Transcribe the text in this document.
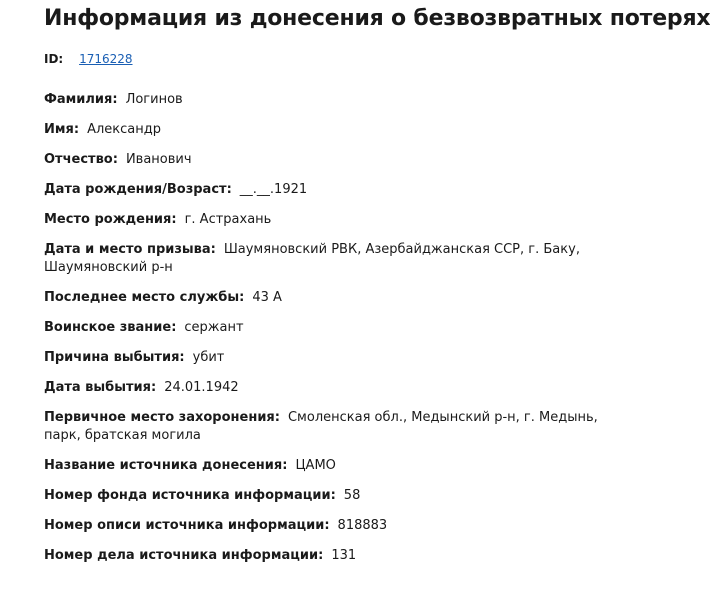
Информация из донесения о безвозвратных потерях
ID: 1716228
Фамилия: Логинов
Имя: Александр
Отчество: Иванович
Дата рождения/Возраст: __.__.1921
Место рождения: г. Астрахань
Дата и место призыва: Шаумяновский РВК, Азербайджанская ССР, г. Баку, Шаумяновский р-н
Последнее место службы: 43 А
Воинское звание: сержант
Причина выбытия: убит
Дата выбытия: 24.01.1942
Первичное место захоронения: Смоленская обл., Медынский р-н, г. Медынь, парк, братская могила
Название источника донесения: ЦАМО
Номер фонда источника информации: 58
Номер описи источника информации: 818883
Номер дела источника информации: 131
